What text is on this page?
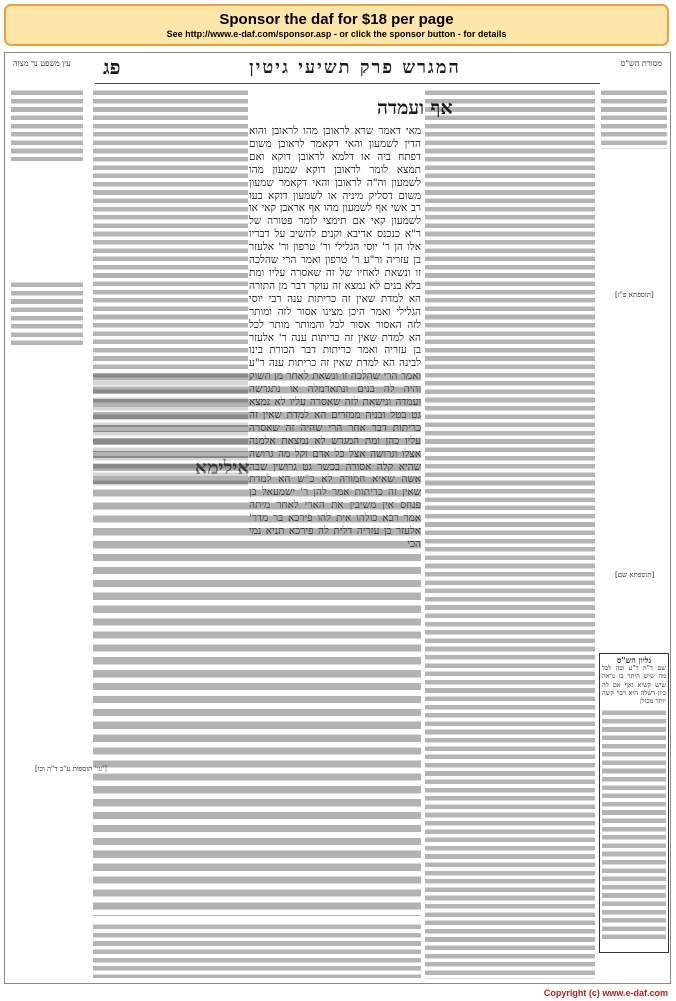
Sponsor the daf for $18 per page
See http://www.e-daf.com/sponsor.asp - or click the sponsor button - for details
עין משפט נר מצוה פג	המגרש פרק תשיעי גיטין	מסורת הש"ס
[עי' תוספות ע"ב ד"ה וכו']
אילימא
[תוספתא פ"ז]
[תוספתא שם]
גליון הש"ס
שם ד"ה ר"ע ובה לכל מה שיש היתר בו נראה שיש קשיא ואף אם לה כיון דשלה היא דבר קשה יותר מכולן
אף ועמדה
מאי דאמר שרא לראובן מהו לראובן והוא הדין לשמעון והאי דקאמר לראובן משום דפתח ביה או דלמא לראובן דוקא ואם תמצא לומר לראובן דוקא שמעון מהו לשמעון וה"ה לראובן והאי דקאמר שמעון משום דסליק מיניה או לשמעון דוקא בעו רב אשי אף לשמעון מהו אף אראבן קאי או לשמעון קאי אם תימצי לומר פטורה של ר"א כנכנס אריבא וקנים להשיב על דבריו אלו הן ר' יוסי הגלילי ור' טרפון ור' אלעזר בן עזריה ור"ע ר' טרפון ואמר הרי שהלכה זו ונשאת לאחיו של זה שאסרה עליו ומת בלא בנים לא נמצא זה עוקר דבר מן התורה הא למדת שאין זה כריתות ענה רבי יוסי הגלילי ואמר היכן מצינו אסור לזה ומותר לזה האסור אסור לכל והמותר מותר לכל הא למדת שאין זה כריתות ענה ר' אלעזר בן עזריה ואמר כריתות דבר הכורת בינו לבינה הא למדת שאין זה כריתות ענה ר"ע ואמר הרי שהלכה זו ונשאת לאחר מן השוק והיה לה בנים ונתארמלה או נתגרשה ועמדה ונישאת לזה שאסרה עליו לא נמצא גט בטל ובניה ממזרים הא למדת שאין זה כריתות דבר אחר הרי שהיה זה שאסרה עליו כהן ומת המגרש לא נמצאת אלמנה אצלו וגרושה אצל כל אדם וקל מה גרושה שהיא קלה אסורה בכשר גט גרושין שבה אשה שאיא חמורה לא כ"ש הא למדת שאין זה כריתות אמר להן ר' ישמעאל בן פנחס אין משיבין את הארי לאחר מיתה אמר רבא כולהו אית להו פירכא בר מדר' אלעזר בן עזריה דלית לה פירכא תניא נמי הכי
Copyright (c) www.e-daf.com
